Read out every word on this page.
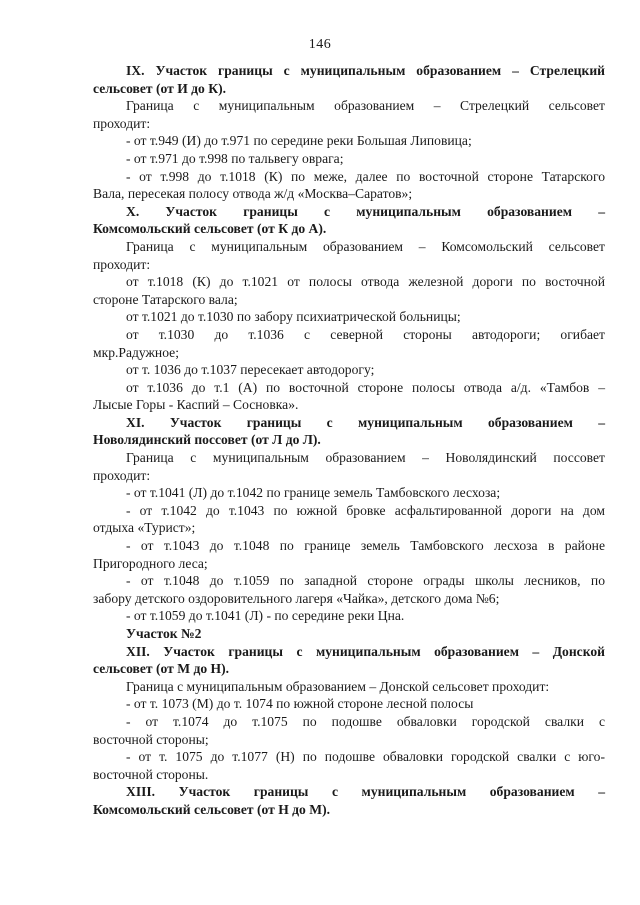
146
IX. Участок границы с муниципальным образованием – Стрелецкий
сельсовет (от И до К).
Граница с муниципальным образованием – Стрелецкий сельсовет
проходит:
- от т.949 (И) до т.971 по середине реки Большая Липовица;
- от т.971 до т.998 по тальвегу оврага;
- от т.998 до т.1018 (К) по меже, далее по восточной стороне Татарского
Вала, пересекая полосу отвода ж/д «Москва–Саратов»;
X. Участок границы с муниципальным образованием –
Комсомольский сельсовет (от К до А).
Граница с муниципальным образованием – Комсомольский сельсовет
проходит:
от т.1018 (К) до т.1021 от полосы отвода железной дороги по восточной
стороне Татарского вала;
от т.1021 до т.1030 по забору психиатрической больницы;
от т.1030 до т.1036 с северной стороны автодороги; огибает
мкр.Радужное;
от т. 1036 до т.1037 пересекает автодорогу;
от т.1036 до т.1 (А) по восточной стороне полосы отвода а/д. «Тамбов –
Лысые Горы - Каспий – Сосновка».
XI. Участок границы с муниципальным образованием –
Новолядинский поссовет (от Л до Л).
Граница с муниципальным образованием – Новолядинский поссовет
проходит:
- от т.1041 (Л) до т.1042 по границе земель Тамбовского лесхоза;
- от т.1042 до т.1043 по южной бровке асфальтированной дороги на дом
отдыха «Турист»;
- от т.1043 до т.1048 по границе земель Тамбовского лесхоза в районе
Пригородного леса;
- от т.1048 до т.1059 по западной стороне ограды школы лесников, по
забору детского оздоровительного лагеря «Чайка», детского дома №6;
- от т.1059 до т.1041 (Л) - по середине реки Цна.
Участок №2
XII. Участок границы с муниципальным образованием – Донской
сельсовет (от М до Н).
Граница с муниципальным образованием – Донской сельсовет проходит:
- от т. 1073 (М) до т. 1074 по южной стороне лесной полосы
- от т.1074 до т.1075 по подошве обваловки городской свалки с
восточной стороны;
- от т. 1075 до т.1077 (Н) по подошве обваловки городской свалки с юго-
восточной стороны.
XIII. Участок границы с муниципальным образованием –
Комсомольский сельсовет (от Н до М).
